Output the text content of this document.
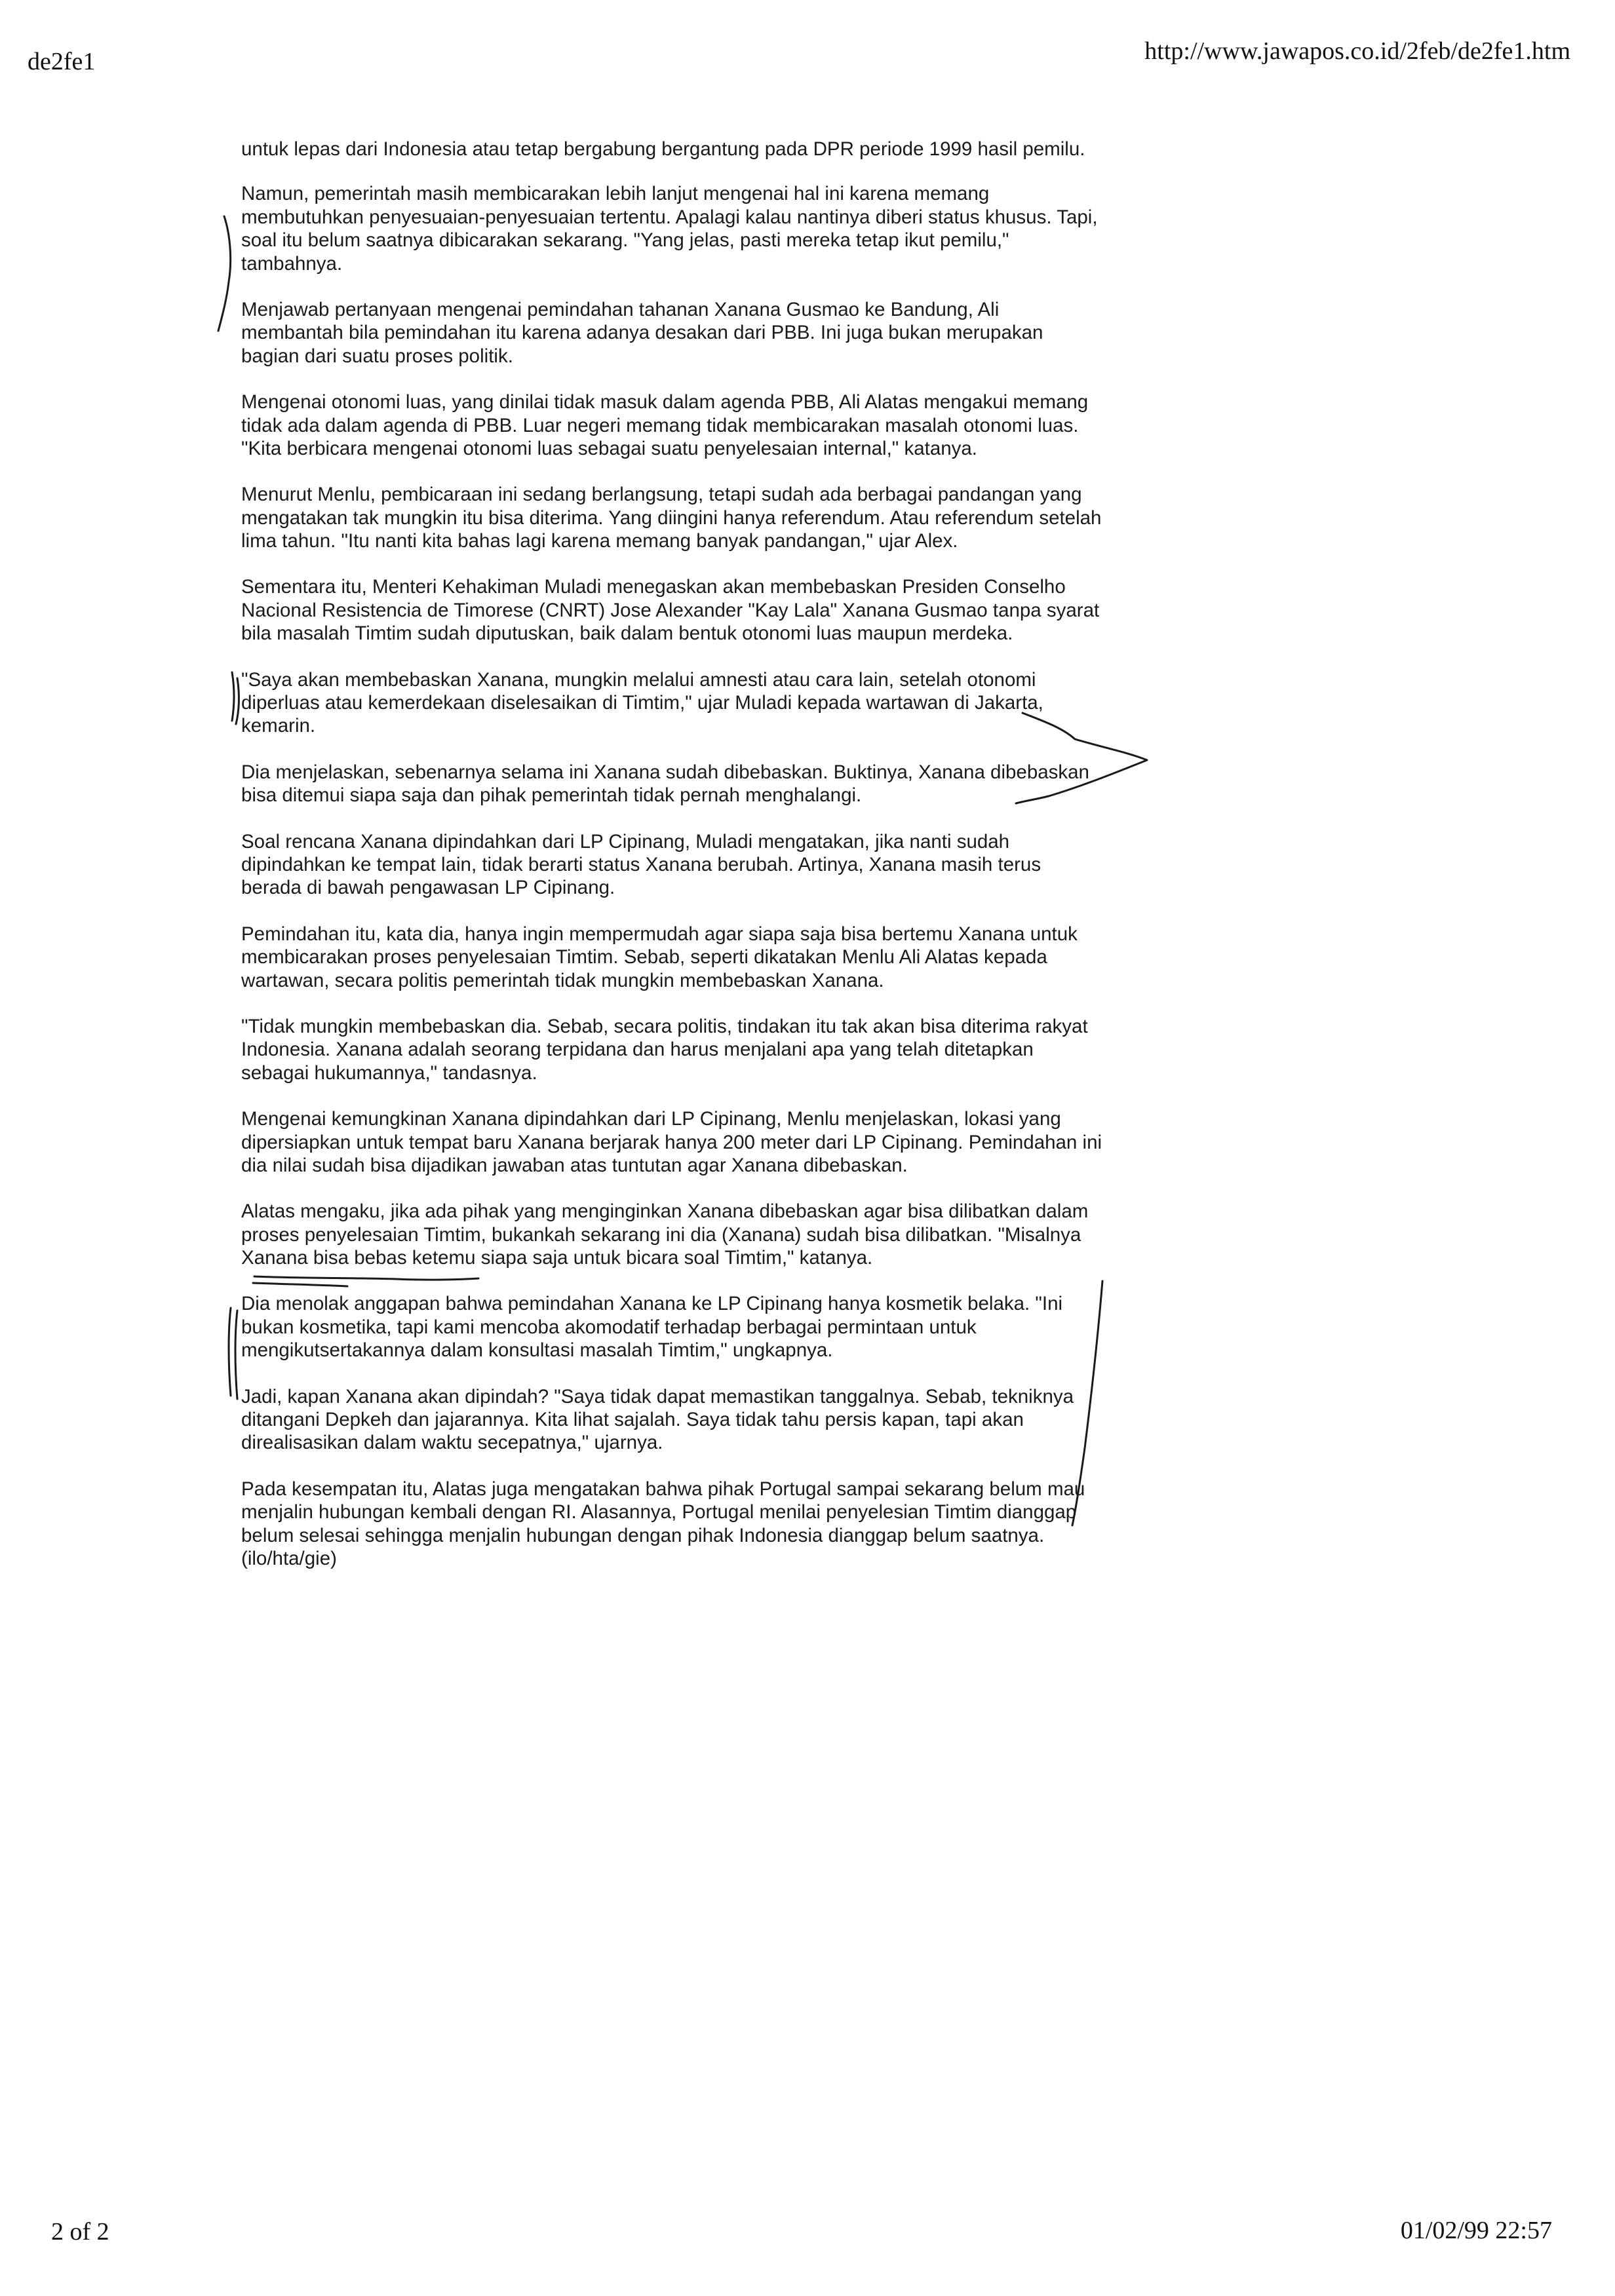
de2fe1	http://www.jawapos.co.id/2feb/de2fe1.htm

untuk lepas dari Indonesia atau tetap bergabung bergantung pada DPR periode 1999 hasil pemilu.

Namun, pemerintah masih membicarakan lebih lanjut mengenai hal ini karena memang membutuhkan penyesuaian-penyesuaian tertentu. Apalagi kalau nantinya diberi status khusus. Tapi, soal itu belum saatnya dibicarakan sekarang. "Yang jelas, pasti mereka tetap ikut pemilu," tambahnya.

Menjawab pertanyaan mengenai pemindahan tahanan Xanana Gusmao ke Bandung, Ali membantah bila pemindahan itu karena adanya desakan dari PBB. Ini juga bukan merupakan bagian dari suatu proses politik.

Mengenai otonomi luas, yang dinilai tidak masuk dalam agenda PBB, Ali Alatas mengakui memang tidak ada dalam agenda di PBB. Luar negeri memang tidak membicarakan masalah otonomi luas. "Kita berbicara mengenai otonomi luas sebagai suatu penyelesaian internal," katanya.

Menurut Menlu, pembicaraan ini sedang berlangsung, tetapi sudah ada berbagai pandangan yang mengatakan tak mungkin itu bisa diterima. Yang diingini hanya referendum. Atau referendum setelah lima tahun. "Itu nanti kita bahas lagi karena memang banyak pandangan," ujar Alex.

Sementara itu, Menteri Kehakiman Muladi menegaskan akan membebaskan Presiden Conselho Nacional Resistencia de Timorese (CNRT) Jose Alexander "Kay Lala" Xanana Gusmao tanpa syarat bila masalah Timtim sudah diputuskan, baik dalam bentuk otonomi luas maupun merdeka.

"Saya akan membebaskan Xanana, mungkin melalui amnesti atau cara lain, setelah otonomi diperluas atau kemerdekaan diselesaikan di Timtim," ujar Muladi kepada wartawan di Jakarta, kemarin.

Dia menjelaskan, sebenarnya selama ini Xanana sudah dibebaskan. Buktinya, Xanana dibebaskan bisa ditemui siapa saja dan pihak pemerintah tidak pernah menghalangi.

Soal rencana Xanana dipindahkan dari LP Cipinang, Muladi mengatakan, jika nanti sudah dipindahkan ke tempat lain, tidak berarti status Xanana berubah. Artinya, Xanana masih terus berada di bawah pengawasan LP Cipinang.

Pemindahan itu, kata dia, hanya ingin mempermudah agar siapa saja bisa bertemu Xanana untuk membicarakan proses penyelesaian Timtim. Sebab, seperti dikatakan Menlu Ali Alatas kepada wartawan, secara politis pemerintah tidak mungkin membebaskan Xanana.

"Tidak mungkin membebaskan dia. Sebab, secara politis, tindakan itu tak akan bisa diterima rakyat Indonesia. Xanana adalah seorang terpidana dan harus menjalani apa yang telah ditetapkan sebagai hukumannya," tandasnya.

Mengenai kemungkinan Xanana dipindahkan dari LP Cipinang, Menlu menjelaskan, lokasi yang dipersiapkan untuk tempat baru Xanana berjarak hanya 200 meter dari LP Cipinang. Pemindahan ini dia nilai sudah bisa dijadikan jawaban atas tuntutan agar Xanana dibebaskan.

Alatas mengaku, jika ada pihak yang menginginkan Xanana dibebaskan agar bisa dilibatkan dalam proses penyelesaian Timtim, bukankah sekarang ini dia (Xanana) sudah bisa dilibatkan. "Misalnya Xanana bisa bebas ketemu siapa saja untuk bicara soal Timtim," katanya.

Dia menolak anggapan bahwa pemindahan Xanana ke LP Cipinang hanya kosmetik belaka. "Ini bukan kosmetika, tapi kami mencoba akomodatif terhadap berbagai permintaan untuk mengikutsertakannya dalam konsultasi masalah Timtim," ungkapnya.

Jadi, kapan Xanana akan dipindah? "Saya tidak dapat memastikan tanggalnya. Sebab, tekniknya ditangani Depkeh dan jajarannya. Kita lihat sajalah. Saya tidak tahu persis kapan, tapi akan direalisasikan dalam waktu secepatnya," ujarnya.

Pada kesempatan itu, Alatas juga mengatakan bahwa pihak Portugal sampai sekarang belum mau menjalin hubungan kembali dengan RI. Alasannya, Portugal menilai penyelesian Timtim dianggap belum selesai sehingga menjalin hubungan dengan pihak Indonesia dianggap belum saatnya. (ilo/hta/gie)

2 of 2	01/02/99 22:57
